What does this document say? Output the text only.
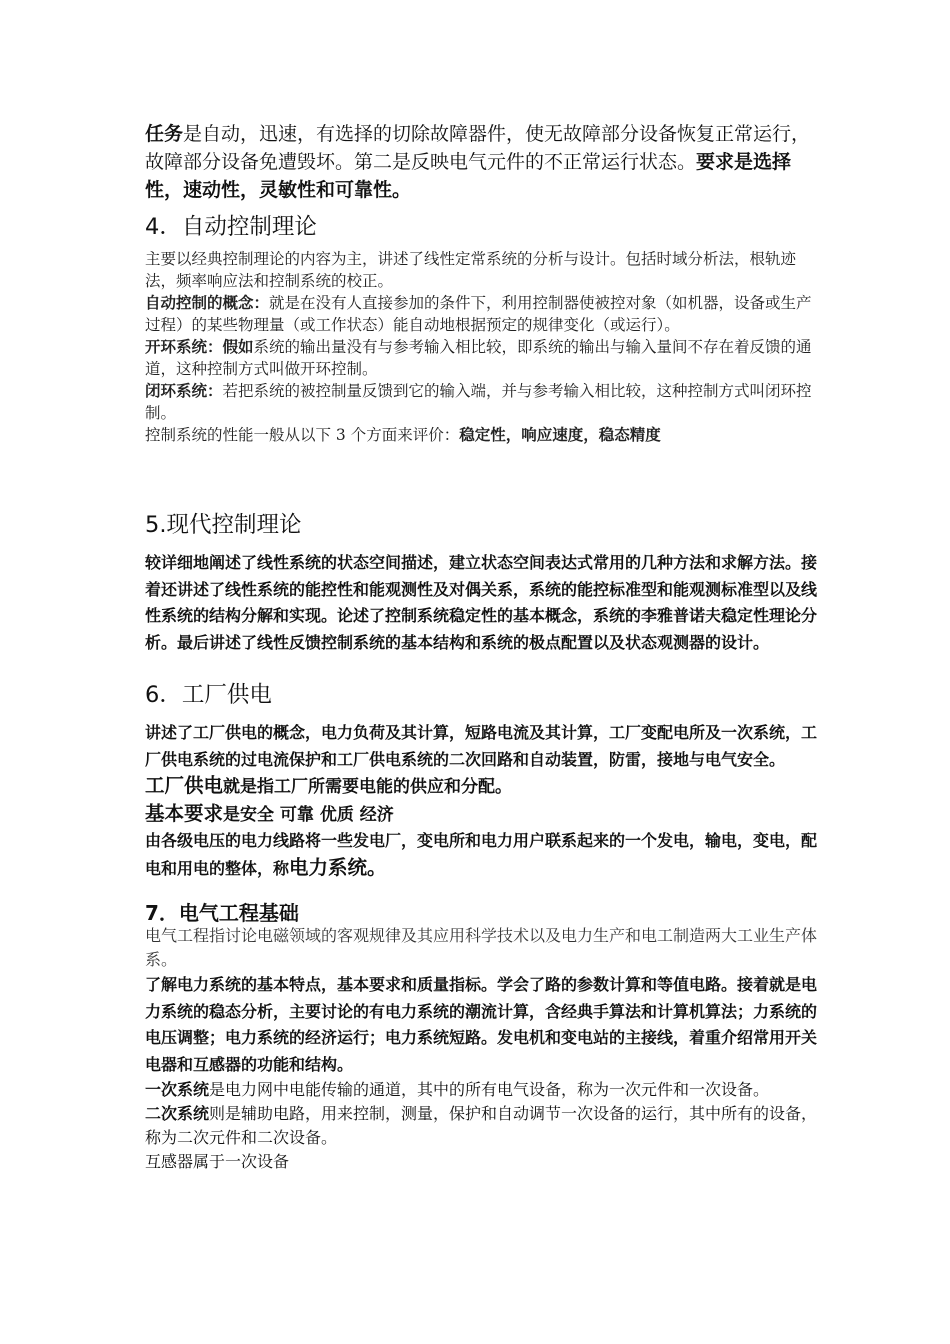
任务是自动，迅速，有选择的切除故障器件，使无故障部分设备恢复正常运行，故障部分设备免遭毁坏。第二是反映电气元件的不正常运行状态。要求是选择性，速动性，灵敏性和可靠性。

4．自动控制理论

主要以经典控制理论的内容为主，讲述了线性定常系统的分析与设计。包括时域分析法，根轨迹法，频率响应法和控制系统的校正。

自动控制的概念：就是在没有人直接参加的条件下，利用控制器使被控对象（如机器，设备或生产过程）的某些物理量（或工作状态）能自动地根据预定的规律变化（或运行）。

开环系统：假如系统的输出量没有与参考输入相比较，即系统的输出与输入量间不存在着反馈的通道，这种控制方式叫做开环控制。

闭环系统：若把系统的被控制量反馈到它的输入端，并与参考输入相比较，这种控制方式叫闭环控制。

控制系统的性能一般从以下 3 个方面来评价：稳定性，响应速度，稳态精度

5.现代控制理论

较详细地阐述了线性系统的状态空间描述，建立状态空间表达式常用的几种方法和求解方法。接着还讲述了线性系统的能控性和能观测性及对偶关系，系统的能控标准型和能观测标准型以及线性系统的结构分解和实现。论述了控制系统稳定性的基本概念，系统的李雅普诺夫稳定性理论分析。最后讲述了线性反馈控制系统的基本结构和系统的极点配置以及状态观测器的设计。

6．工厂供电

讲述了工厂供电的概念，电力负荷及其计算，短路电流及其计算，工厂变配电所及一次系统，工厂供电系统的过电流保护和工厂供电系统的二次回路和自动装置，防雷，接地与电气安全。

工厂供电就是指工厂所需要电能的供应和分配。

基本要求是安全 可靠 优质 经济

由各级电压的电力线路将一些发电厂，变电所和电力用户联系起来的一个发电，输电，变电，配电和用电的整体，称电力系统。

7．电气工程基础

电气工程指讨论电磁领域的客观规律及其应用科学技术以及电力生产和电工制造两大工业生产体系。

了解电力系统的基本特点，基本要求和质量指标。学会了路的参数计算和等值电路。接着就是电力系统的稳态分析，主要讨论的有电力系统的潮流计算，含经典手算法和计算机算法；力系统的电压调整；电力系统的经济运行；电力系统短路。发电机和变电站的主接线，着重介绍常用开关电器和互感器的功能和结构。

一次系统是电力网中电能传输的通道，其中的所有电气设备，称为一次元件和一次设备。

二次系统则是辅助电路，用来控制，测量，保护和自动调节一次设备的运行，其中所有的设备，称为二次元件和二次设备。

互感器属于一次设备
